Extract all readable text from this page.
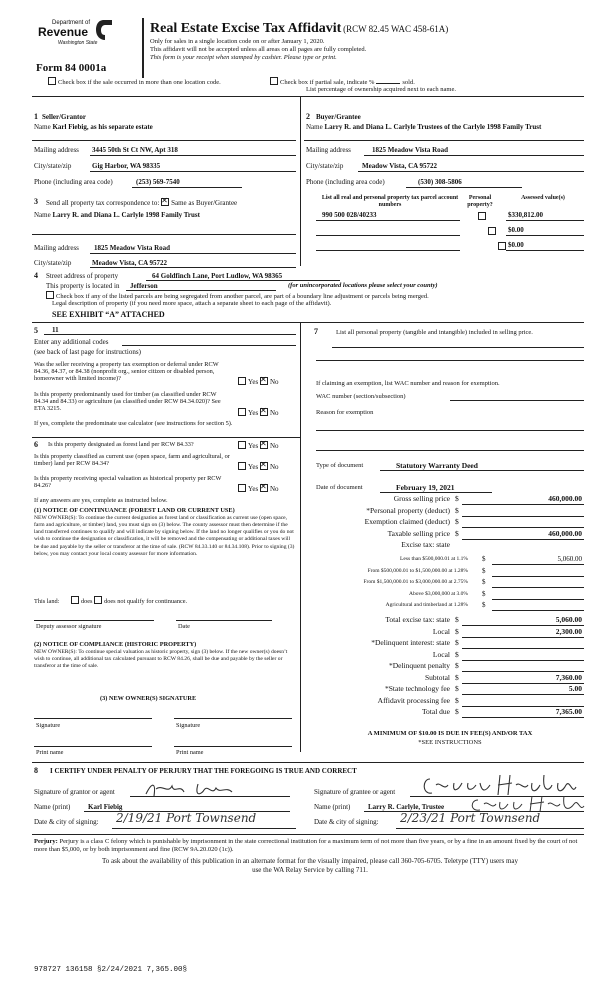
Department of
Revenue
Washington State
Form 84 0001a
Real Estate Excise Tax Affidavit (RCW 82.45 WAC 458-61A)
Only for sales in a single location code on or after January 1, 2020.
This affidavit will not be accepted unless all areas on all pages are fully completed.
This form is your receipt when stamped by cashier. Please type or print.
Check box if the sale occurred in more than one location code.	Check box if partial sale, indicate %	sold.
List percentage of ownership acquired next to each name.
1 Seller/Grantor
Name Karl Fiebig, as his separate estate
Mailing address 3445 50th St Ct NW, Apt 318
City/state/zip	Gig Harbor, WA 98335
Phone (including area code)	(253) 569-7540
2 Buyer/Grantee
Name Larry R. and Diana L. Carlyle Trustees of the Carlyle 1998 Family Trust
Mailing address	1825 Meadow Vista Road
City/state/zip	Meadow Vista, CA 95722
Phone (including area code)	(530) 308-5806
3 Send all property tax correspondence to: ✕ Same as Buyer/Grantee
Name Larry R. and Diana L. Carlyle 1998 Family Trust
Mailing address 1825 Meadow Vista Road
City/state/zip	Meadow Vista, CA 95722
List all real and personal property tax parcel account numbers
Personal property?
Assessed value(s)
990 500 028/40233	$330,812.00
$0.00
$0.00
4 Street address of property	64 Goldfinch Lane, Port Ludlow, WA 98365
This property is located in Jefferson	(for unincorporated locations please select your county)
Check box if any of the listed parcels are being segregated from another parcel, are part of a boundary line adjustment or parcels being merged.
Legal description of property (if you need more space, attach a separate sheet to each page of the affidavit).
SEE EXHIBIT “A” ATTACHED
5 11
Enter any additional codes
(see back of last page for instructions)
Was the seller receiving a property tax exemption or deferral under RCW 84.36, 84.37, or 84.38 (nonprofit org., senior citizen or disabled person, homeowner with limited income)?	Yes ✕ No
Is this property predominantly used for timber (as classified under RCW 84.34 and 84.33) or agriculture (as classified under RCW 84.34.020)? See ETA 3215.
Yes ✕ No
If yes, complete the predominate use calculator (see instructions for section 5).
6 Is this property designated as forest land per RCW 84.33?	Yes ✕ No
Is this property classified as current use (open space, farm and agricultural, or timber) land per RCW 84.34?	Yes ✕ No
Is this property receiving special valuation as historical property per RCW 84.26?	Yes ✕ No
If any answers are yes, complete as instructed below.
(1) NOTICE OF CONTINUANCE (FOREST LAND OR CURRENT USE)
NEW OWNER(S): To continue the current designation as forest land or classification as current use (open space, farm and agriculture, or timber) land, you must sign on (3) below. The county assessor must then determine if the land transferred continues to qualify and will indicate by signing below. If the land no longer qualifies or you do not wish to continue the designation or classification, it will be removed and the compensating or additional taxes will be due and payable by the seller or transferor at the time of sale. (RCW 84.33.140 or 84.34.108). Prior to signing (3) below, you may contact your local county assessor for more information.
This land:	does does not qualify for continuance.
Deputy assessor signature	Date
(2) NOTICE OF COMPLIANCE (HISTORIC PROPERTY)
NEW OWNER(S): To continue special valuation as historic property, sign (3) below. If the new owner(s) doesn’t wish to continue, all additional tax calculated pursuant to RCW 84.26, shall be due and payable by the seller or transferor at the time of sale.
(3) NEW OWNER(S) SIGNATURE
Signature	Signature
Print name	Print name
7	List all personal property (tangible and intangible) included in selling price.
If claiming an exemption, list WAC number and reason for exemption.
WAC number (section/subsection)
Reason for exemption
Type of document	Statutory Warranty Deed
Date of document	February 19, 2021
Gross selling price $	460,000.00
*Personal property (deduct) $
Exemption claimed (deduct) $
Taxable selling price $	460,000.00
Excise tax: state
Less than $500,000.01 at 1.1% $	5,060.00
From $500,000.01 to $1,500,000.00 at 1.28% $
From $1,500,000.01 to $3,000,000.00 at 2.75% $
Above $3,000,000 at 3.0% $
Agricultural and timberland at 1.28% $
Total excise tax: state $	5,060.00
Local $	2,300.00
*Delinquent interest: state $
Local $
*Delinquent penalty $
Subtotal $	7,360.00
*State technology fee $	5.00
Affidavit processing fee $
Total due $	7,365.00
A MINIMUM OF $10.00 IS DUE IN FEE(S) AND/OR TAX
*SEE INSTRUCTIONS
8 I CERTIFY UNDER PENALTY OF PERJURY THAT THE FOREGOING IS TRUE AND CORRECT
Signature of grantor or agent
Name (print)	Karl Fiebig
Date & city of signing: 2/19/21 Port Townsend
Signature of grantee or agent
Name (print)	Larry R. Carlyle, Trustee
Date & city of signing: 2/23/21 Port Townsend
Perjury: Perjury is a class C felony which is punishable by imprisonment in the state correctional institution for a maximum term of not more than five years, or by a fine in an amount fixed by the court of not more than $5,000, or by both imprisonment and fine (RCW 9A.20.020 (1c)).
To ask about the availability of this publication in an alternate format for the visually impaired, please call 360-705-6705. Teletype (TTY) users may use the WA Relay Service by calling 711.
978727 136158 §2/24/2021 7,365.00§
